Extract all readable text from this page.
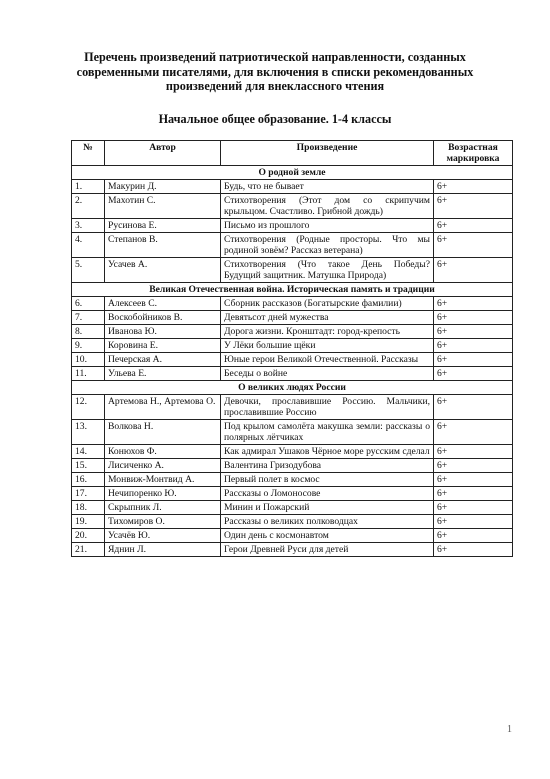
Перечень произведений патриотической направленности, созданных
современными писателями, для включения в списки рекомендованных
произведений для внеклассного чтения
Начальное общее образование. 1-4 классы
№	Автор	Произведение	Возрастная маркировка
О родной земле			
1.	Макурин Д.	Будь, что не бывает	6+
2.	Махотин С.	Стихотворения (Этот дом со скрипучим крыльцом. Счастливо. Грибной дождь)	6+
3.	Русинова Е.	Письмо из прошлого	6+
4.	Степанов В.	Стихотворения (Родные просторы. Что мы родиной зовём? Рассказ ветерана)	6+
5.	Усачев А.	Стихотворения (Что такое День Победы? Будущий защитник. Матушка Природа)	6+
Великая Отечественная война. Историческая память и традиции			
6.	Алексеев С.	Сборник рассказов (Богатырские фамилии)	6+
7.	Воскобойников В.	Девятьсот дней мужества	6+
8.	Иванова Ю.	Дорога жизни. Кронштадт: город-крепость	6+
9.	Коровина Е.	У Лёки большие щёки	6+
10.	Печерская А.	Юные герои Великой Отечественной. Рассказы	6+
11.	Ульева Е.	Беседы о войне	6+
О великих людях России			
12.	Артемова Н., Артемова О.	Девочки, прославившие Россию. Мальчики, прославившие Россию	6+
13.	Волкова Н.	Под крылом самолёта макушка земли: рассказы о полярных лётчиках	6+
14.	Конюхов Ф.	Как адмирал Ушаков Чёрное море русским сделал	6+
15.	Лисиченко А.	Валентина Гризодубова	6+
16.	Монвиж-Монтвид А.	Первый полет в космос	6+
17.	Нечипоренко Ю.	Рассказы о Ломоносове	6+
18.	Скрыпник Л.	Минин и Пожарский	6+
19.	Тихомиров О.	Рассказы о великих полководцах	6+
20.	Усачёв Ю.	Один день с космонавтом	6+
21.	Яднин Л.	Герои Древней Руси для детей	6+
1
